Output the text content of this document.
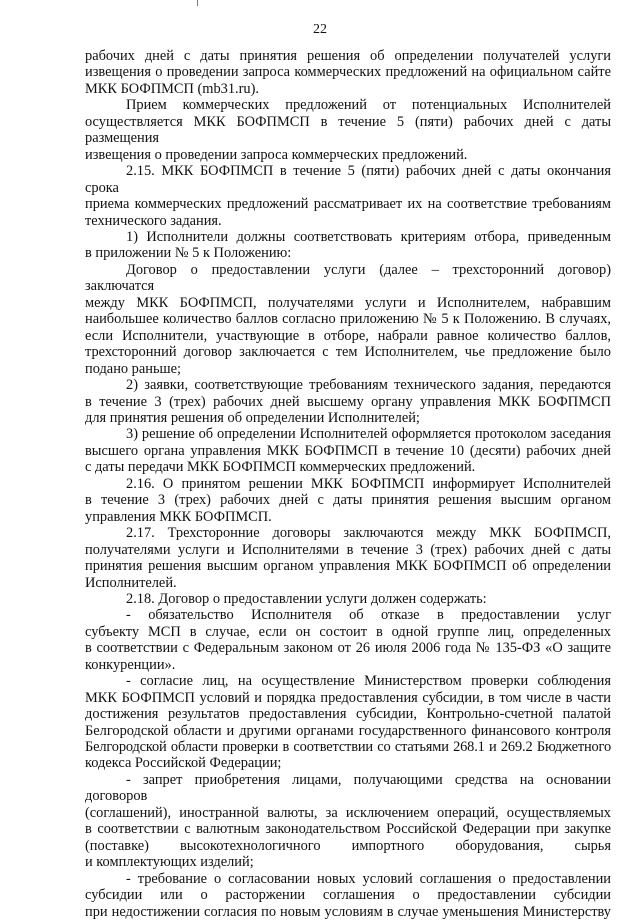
22

рабочих дней с даты принятия решения об определении получателей услуги

извещения о проведении запроса коммерческих предложений на официальном сайте

МКК БОФПМСП (mb31.ru).

Прием коммерческих предложений от потенциальных Исполнителей

осуществляется МКК БОФПМСП в течение 5 (пяти) рабочих дней с даты размещения

извещения о проведении запроса коммерческих предложений.

2.15. МКК БОФПМСП в течение 5 (пяти) рабочих дней с даты окончания срока

приема коммерческих предложений рассматривает их на соответствие требованиям

технического задания.

1) Исполнители должны соответствовать критериям отбора, приведенным

в приложении № 5 к Положению:

Договор о предоставлении услуги (далее – трехсторонний договор) заключатся

между МКК БОФПМСП, получателями услуги и Исполнителем, набравшим

наибольшее количество баллов согласно приложению № 5 к Положению. В случаях,

если Исполнители, участвующие в отборе, набрали равное количество баллов,

трехсторонний договор заключается с тем Исполнителем, чье предложение было

подано раньше;

2) заявки, соответствующие требованиям технического задания, передаются

в течение 3 (трех) рабочих дней высшему органу управления МКК БОФПМСП

для принятия решения об определении Исполнителей;

3) решение об определении Исполнителей оформляется протоколом заседания

высшего органа управления МКК БОФПМСП в течение 10 (десяти) рабочих дней

с даты передачи МКК БОФПМСП коммерческих предложений.

2.16. О принятом решении МКК БОФПМСП информирует Исполнителей

в течение 3 (трех) рабочих дней с даты принятия решения высшим органом

управления МКК БОФПМСП.

2.17. Трехсторонние договоры заключаются между МКК БОФПМСП,

получателями услуги и Исполнителями в течение 3 (трех) рабочих дней с даты

принятия решения высшим органом управления МКК БОФПМСП об определении

Исполнителей.

2.18. Договор о предоставлении услуги должен содержать:

- обязательство Исполнителя об отказе в предоставлении услуг

субъекту МСП в случае, если он состоит в одной группе лиц, определенных

в соответствии с Федеральным законом от 26 июля 2006 года № 135-ФЗ «О защите

конкуренции».

- согласие лиц, на осуществление Министерством проверки соблюдения

МКК БОФПМСП условий и порядка предоставления субсидии, в том числе в части

достижения результатов предоставления субсидии, Контрольно-счетной палатой

Белгородской области и другими органами государственного финансового контроля

Белгородской области проверки в соответствии со статьями 268.1 и 269.2 Бюджетного

кодекса Российской Федерации;

- запрет приобретения лицами, получающими средства на основании договоров

(соглашений), иностранной валюты, за исключением операций, осуществляемых

в соответствии с валютным законодательством Российской Федерации при закупке

(поставке) высокотехнологичного импортного оборудования, сырья

и комплектующих изделий;

- требование о согласовании новых условий соглашения о предоставлении

субсидии или о расторжении соглашения о предоставлении субсидии

при недостижении согласия по новым условиям в случае уменьшения Министерству
